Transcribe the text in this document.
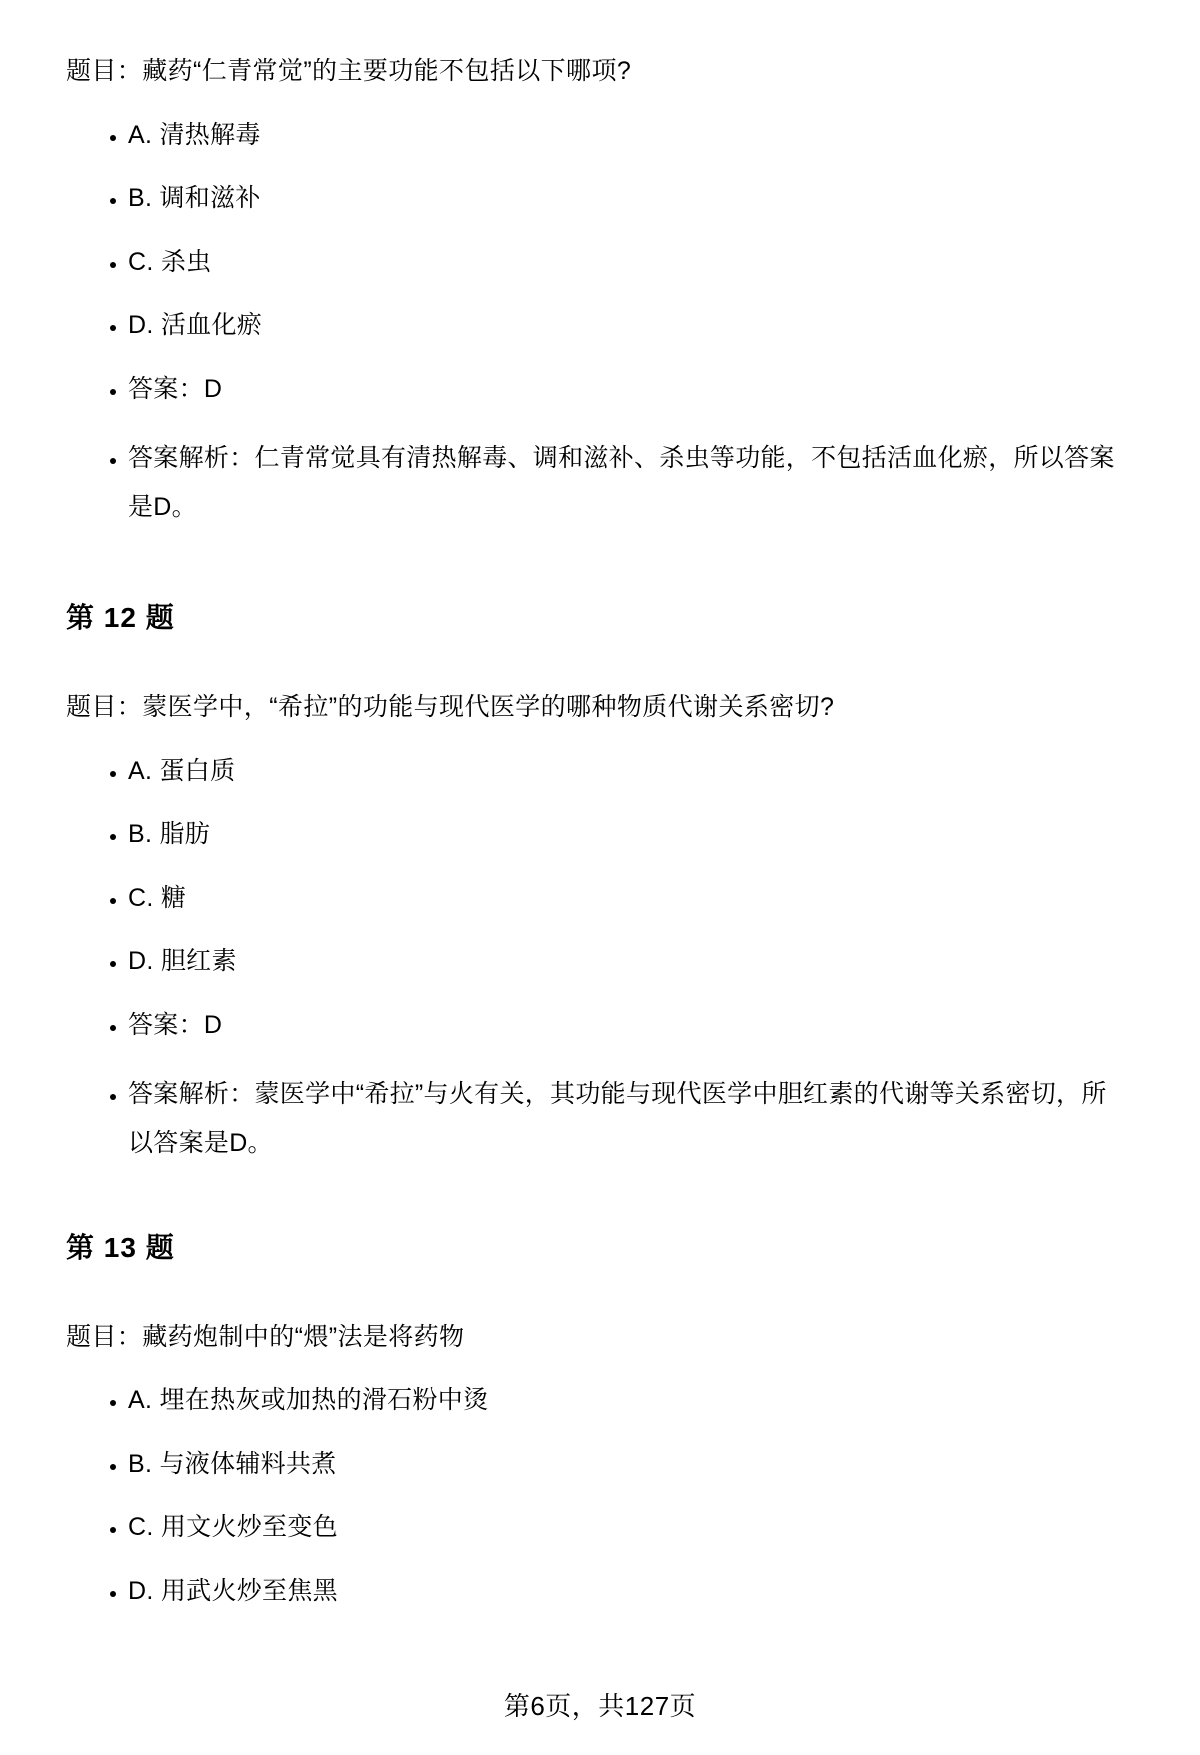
题目：藏药“仁青常觉”的主要功能不包括以下哪项?

• A. 清热解毒
• B. 调和滋补
• C. 杀虫
• D. 活血化瘀
• 答案：D
• 答案解析：仁青常觉具有清热解毒、调和滋补、杀虫等功能，不包括活血化瘀，所以答案是D。
第 12 题

题目：蒙医学中，“希拉”的功能与现代医学的哪种物质代谢关系密切?

• A. 蛋白质
• B. 脂肪
• C. 糖
• D. 胆红素
• 答案：D
• 答案解析：蒙医学中“希拉”与火有关，其功能与现代医学中胆红素的代谢等关系密切，所以答案是D。
第 13 题

题目：藏药炮制中的“煨”法是将药物

• A. 埋在热灰或加热的滑石粉中烫
• B. 与液体辅料共煮
• C. 用文火炒至变色
• D. 用武火炒至焦黑
第6页，共127页
